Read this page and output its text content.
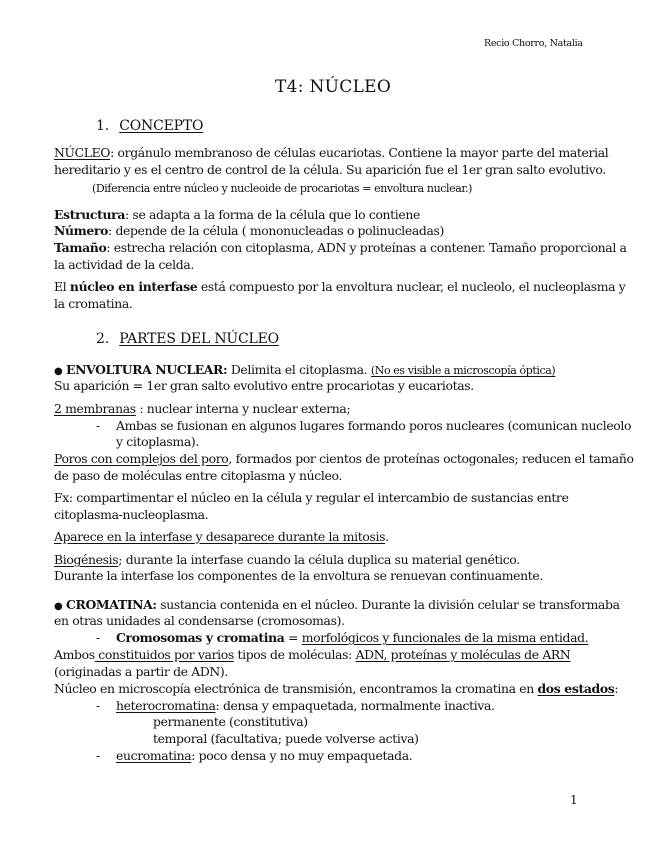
Recio Chorro, Natalia
T4: NÚCLEO
1. CONCEPTO
NÚCLEO: orgánulo membranoso de células eucariotas. Contiene la mayor parte del material
hereditario y es el centro de control de la célula. Su aparición fue el 1er gran salto evolutivo.
(Diferencia entre núcleo y nucleoide de procariotas = envoltura nuclear.)
Estructura: se adapta a la forma de la célula que lo contiene
Número: depende de la célula ( mononucleadas o polinucleadas)
Tamaño: estrecha relación con citoplasma, ADN y proteínas a contener. Tamaño proporcional a
la actividad de la celda.
El núcleo en interfase está compuesto por la envoltura nuclear, el nucleolo, el nucleoplasma y
la cromatina.
2. PARTES DEL NÚCLEO
● ENVOLTURA NUCLEAR: Delimita el citoplasma. (No es visible a microscopía óptica)
Su aparición = 1er gran salto evolutivo entre procariotas y eucariotas.
2 membranas : nuclear interna y nuclear externa;
- Ambas se fusionan en algunos lugares formando poros nucleares (comunican nucleolo
y citoplasma).
Poros con complejos del poro, formados por cientos de proteínas octogonales; reducen el tamaño
de paso de moléculas entre citoplasma y núcleo.
Fx: compartimentar el núcleo en la célula y regular el intercambio de sustancias entre
citoplasma-nucleoplasma.
Aparece en la interfase y desaparece durante la mitosis.
Biogénesis; durante la interfase cuando la célula duplica su material genético.
Durante la interfase los componentes de la envoltura se renuevan continuamente.
● CROMATINA: sustancia contenida en el núcleo. Durante la división celular se transformaba
en otras unidades al condensarse (cromosomas).
- Cromosomas y cromatina = morfológicos y funcionales de la misma entidad.
Ambos constituidos por varios tipos de moléculas: ADN, proteínas y moléculas de ARN
(originadas a partir de ADN).
Núcleo en microscopía electrónica de transmisión, encontramos la cromatina en dos estados:
- heterocromatina: densa y empaquetada, normalmente inactiva.
permanente (constitutiva)
temporal (facultativa; puede volverse activa)
- eucromatina: poco densa y no muy empaquetada.
1
